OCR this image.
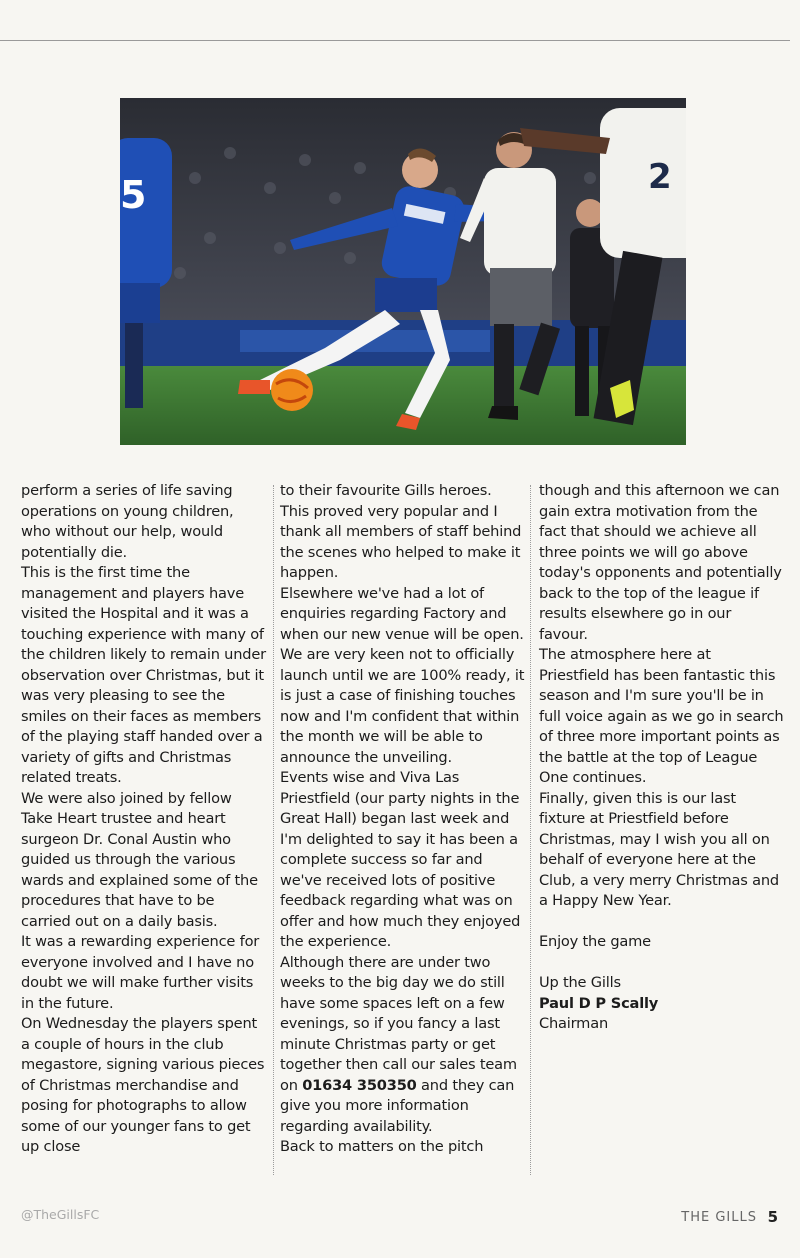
5	2

perform a series of life saving operations on young children, who without our help, would potentially die.

This is the first time the management and players have visited the Hospital and it was a touching experience with many of the children likely to remain under observation over Christmas, but it was very pleasing to see the smiles on their faces as members of the playing staff handed over a variety of gifts and Christmas related treats.

We were also joined by fellow Take Heart trustee and heart surgeon Dr. Conal Austin who guided us through the various wards and explained some of the procedures that have to be carried out on a daily basis.

It was a rewarding experience for everyone involved and I have no doubt we will make further visits in the future.

On Wednesday the players spent a couple of hours in the club megastore, signing various pieces of Christmas merchandise and posing for photographs to allow some of our younger fans to get up close

to their favourite Gills heroes.

This proved very popular and I thank all members of staff behind the scenes who helped to make it happen.

Elsewhere we've had a lot of enquiries regarding Factory and when our new venue will be open. We are very keen not to officially launch until we are 100% ready, it is just a case of finishing touches now and I'm confident that within the month we will be able to announce the unveiling.

Events wise and Viva Las Priestfield (our party nights in the Great Hall) began last week and I'm delighted to say it has been a complete success so far and we've received lots of positive feedback regarding what was on offer and how much they enjoyed the experience.

Although there are under two weeks to the big day we do still have some spaces left on a few evenings, so if you fancy a last minute Christmas party or get together then call our sales team on 01634 350350 and they can give you more information regarding availability.

Back to matters on the pitch

though and this afternoon we can gain extra motivation from the fact that should we achieve all three points we will go above today's opponents and potentially back to the top of the league if results elsewhere go in our favour.

The atmosphere here at Priestfield has been fantastic this season and I'm sure you'll be in full voice again as we go in search of three more important points as the battle at the top of League One continues.

Finally, given this is our last fixture at Priestfield before Christmas, may I wish you all on behalf of everyone here at the Club, a very merry Christmas and a Happy New Year.

Enjoy the game

Up the Gills

Paul D P Scally

Chairman

@TheGillsFC	THE GILLS 5
